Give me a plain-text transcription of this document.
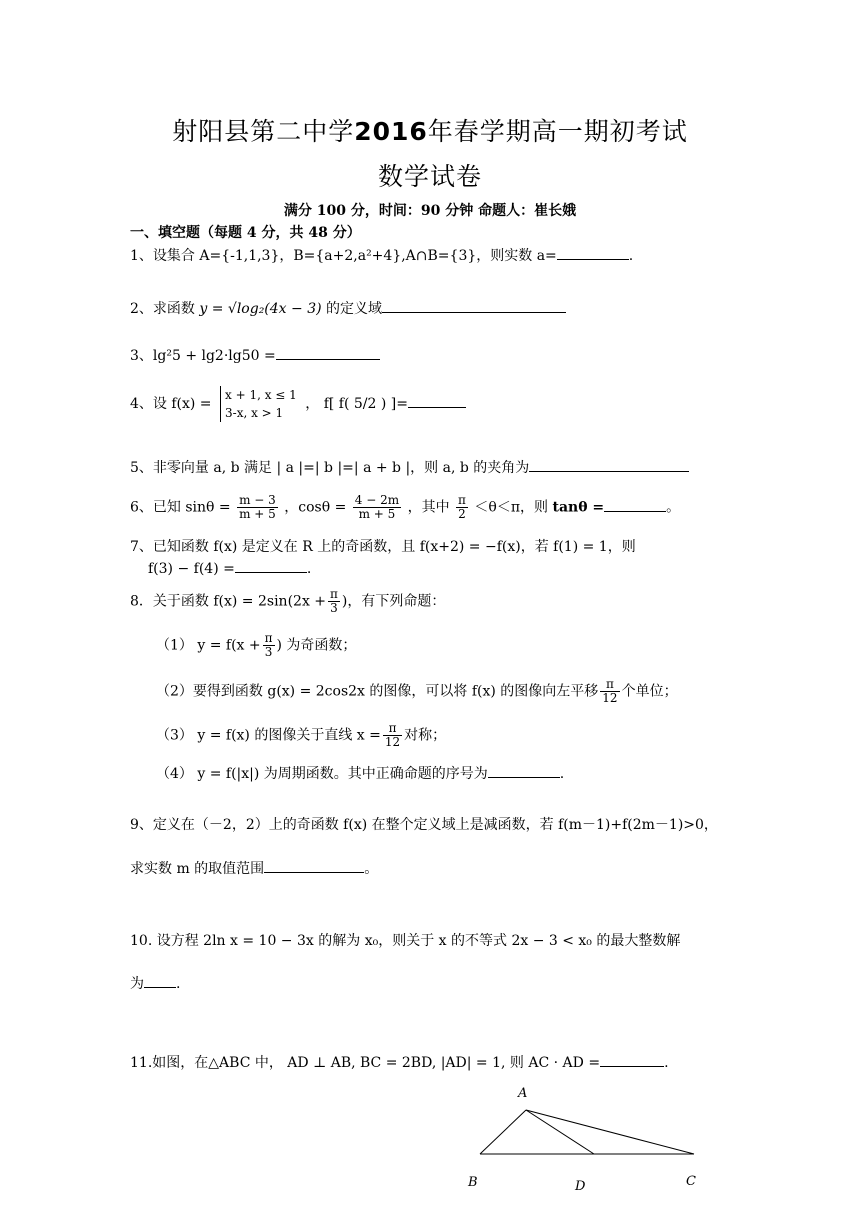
射阳县第二中学2016年春学期高一期初考试
数学试卷
满分 100 分，时间：90 分钟 命题人：崔长娥
一、填空题（每题 4 分，共 48 分）
1、设集合 A={-1,1,3}，B={a+2,a²+4},A∩B={3}，则实数 a=	.
2、求函数 y = √log₂(4x − 3) 的定义域
3、lg²5 + lg2·lg50 =
4、设 f(x) =
x + 1, x ≤ 1
3-x, x > 1
， f[ f( 5/2 ) ]=
5、非零向量 a, b 满足 | a |=| b |=| a + b |，则 a, b 的夹角为
6、已知 $\sin\theta = \frac{m - 3}{m + 5}$ ，$\cos\theta = \frac{4 - 2m}{m + 5}$ ，其中 $\frac{\pi}{2} <\theta<\pi$，则 tanθ =	。
7、已知函数 f(x) 是定义在 R 上的奇函数，且 f(x+2) = −f(x)，若 f(1) = 1，则
f(3) − f(4) =	.
8．关于函数 $f(x) = 2\sin(2x + \frac{\pi}{3}$ )，有下列命题：
（1） $y = f(x + \frac{\pi}{3}$ ) 为奇函数；
（2）要得到函数 g(x) = 2cos2x 的图像，可以将 f(x) 的图像向左平移 $\frac{\pi}{12}$ 个单位；
（3） y = f(x) 的图像关于直线 $x = \frac{\pi}{12}$ 对称；
（4） y = f(|x|) 为周期函数。其中正确命题的序号为	.
9、定义在（－2，2）上的奇函数 f(x) 在整个定义域上是减函数，若 f(m－1)+f(2m－1)>0，
求实数 m 的取值范围	。
10. 设方程 2ln x = 10 − 3x 的解为 x₀，则关于 x 的不等式 2x − 3 < x₀ 的最大整数解
为 .
11.如图，在△ABC 中， AD ⊥ AB, BC = 2BD, |AD| = 1, 则 AC · AD =	.
A
B	D	C
